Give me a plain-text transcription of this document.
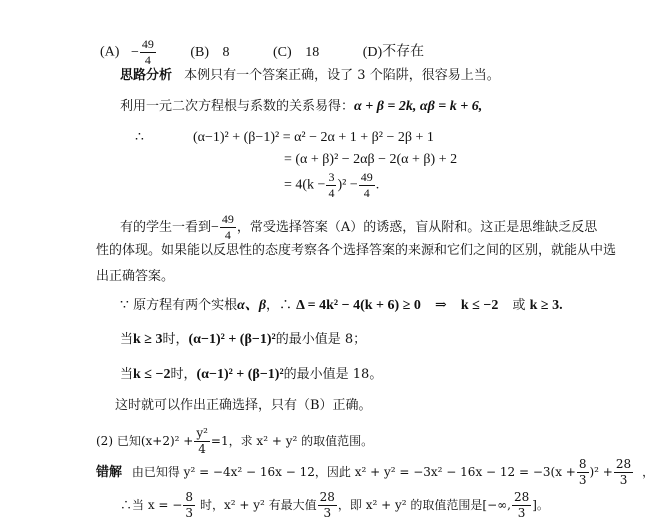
$(A) - \frac{49}{4} (B)$ 8	(C) 18	(D)不存在
思路分析 本例只有一个答案正确，设了 3 个陷阱，很容易上当。
利用一元二次方程根与系数的关系易得：α + β = 2k, αβ = k + 6,
∴	(α−1)² + (β−1)² = α² − 2α + 1 + β² − 2β + 1
= (α + β)² − 2αβ − 2(α + β) + 2
= $4(k - \frac{3}{4} )^2 - \frac{49}{4}$ .
有的学生一看到− $\frac{49}{4}$ ，常受选择答案（A）的诱惑，盲从附和。这正是思维缺乏反思
性的体现。如果能以反思性的态度考察各个选择答案的来源和它们之间的区别，就能从中选
出正确答案。
∵ 原方程有两个实根α、β，∴ Δ = 4k² − 4(k + 6) ≥ 0 ⇒ k ≤ −2 或 k ≥ 3.
当k ≥ 3时，(α−1)² + (β−1)²的最小值是 8；
当k ≤ −2时，(α−1)² + (β−1)²的最小值是 18。
这时就可以作出正确选择，只有（B）正确。
(2) 已知$(x+2)^2 + \frac{\text{y²}}{4} =1$，求 x² + y² 的取值范围。
错解 由已知得 y² = −4x² − 16x − 12，因此 $x^2 + y^2 = -3x^2 - 16x - 12 = -3(x + \frac{8}{3} )^2 + \frac{28}{3}$ ，
∴当 x = − $\frac{8}{3}$ 时，x² + y² 有最大值 $\frac{28}{3}$ ，即 x² + y² 的取值范围是[−∞, $\frac{28}{3}$ ]。
